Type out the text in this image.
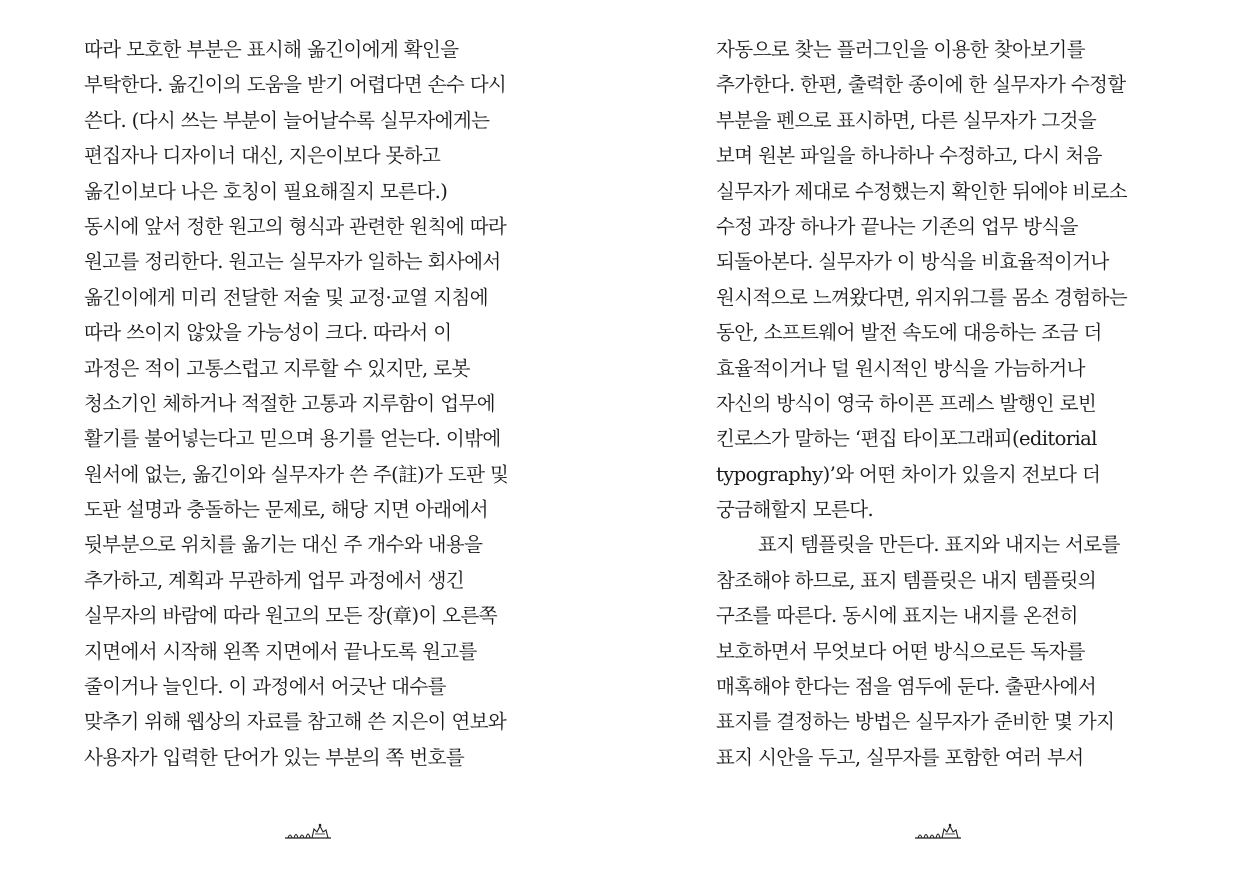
따라 모호한 부분은 표시해 옮긴이에게 확인을
부탁한다. 옮긴이의 도움을 받기 어렵다면 손수 다시
쓴다. (다시 쓰는 부분이 늘어날수록 실무자에게는
편집자나 디자이너 대신, 지은이보다 못하고
옮긴이보다 나은 호칭이 필요해질지 모른다.)
동시에 앞서 정한 원고의 형식과 관련한 원칙에 따라
원고를 정리한다. 원고는 실무자가 일하는 회사에서
옮긴이에게 미리 전달한 저술 및 교정·교열 지침에
따라 쓰이지 않았을 가능성이 크다. 따라서 이
과정은 적이 고통스럽고 지루할 수 있지만, 로봇
청소기인 체하거나 적절한 고통과 지루함이 업무에
활기를 불어넣는다고 믿으며 용기를 얻는다. 이밖에
원서에 없는, 옮긴이와 실무자가 쓴 주(註)가 도판 및
도판 설명과 충돌하는 문제로, 해당 지면 아래에서
뒷부분으로 위치를 옮기는 대신 주 개수와 내용을
추가하고, 계획과 무관하게 업무 과정에서 생긴
실무자의 바람에 따라 원고의 모든 장(章)이 오른쪽
지면에서 시작해 왼쪽 지면에서 끝나도록 원고를
줄이거나 늘인다. 이 과정에서 어긋난 대수를
맞추기 위해 웹상의 자료를 참고해 쓴 지은이 연보와
사용자가 입력한 단어가 있는 부분의 쪽 번호를
자동으로 찾는 플러그인을 이용한 찾아보기를
추가한다. 한편, 출력한 종이에 한 실무자가 수정할
부분을 펜으로 표시하면, 다른 실무자가 그것을
보며 원본 파일을 하나하나 수정하고, 다시 처음
실무자가 제대로 수정했는지 확인한 뒤에야 비로소
수정 과장 하나가 끝나는 기존의 업무 방식을
되돌아본다. 실무자가 이 방식을 비효율적이거나
원시적으로 느껴왔다면, 위지위그를 몸소 경험하는
동안, 소프트웨어 발전 속도에 대응하는 조금 더
효율적이거나 덜 원시적인 방식을 가늠하거나
자신의 방식이 영국 하이픈 프레스 발행인 로빈
킨로스가 말하는 ‘편집 타이포그래피(editorial
typography)’와 어떤 차이가 있을지 전보다 더
궁금해할지 모른다.
표지 템플릿을 만든다. 표지와 내지는 서로를
참조해야 하므로, 표지 템플릿은 내지 템플릿의
구조를 따른다. 동시에 표지는 내지를 온전히
보호하면서 무엇보다 어떤 방식으로든 독자를
매혹해야 한다는 점을 염두에 둔다. 출판사에서
표지를 결정하는 방법은 실무자가 준비한 몇 가지
표지 시안을 두고, 실무자를 포함한 여러 부서
